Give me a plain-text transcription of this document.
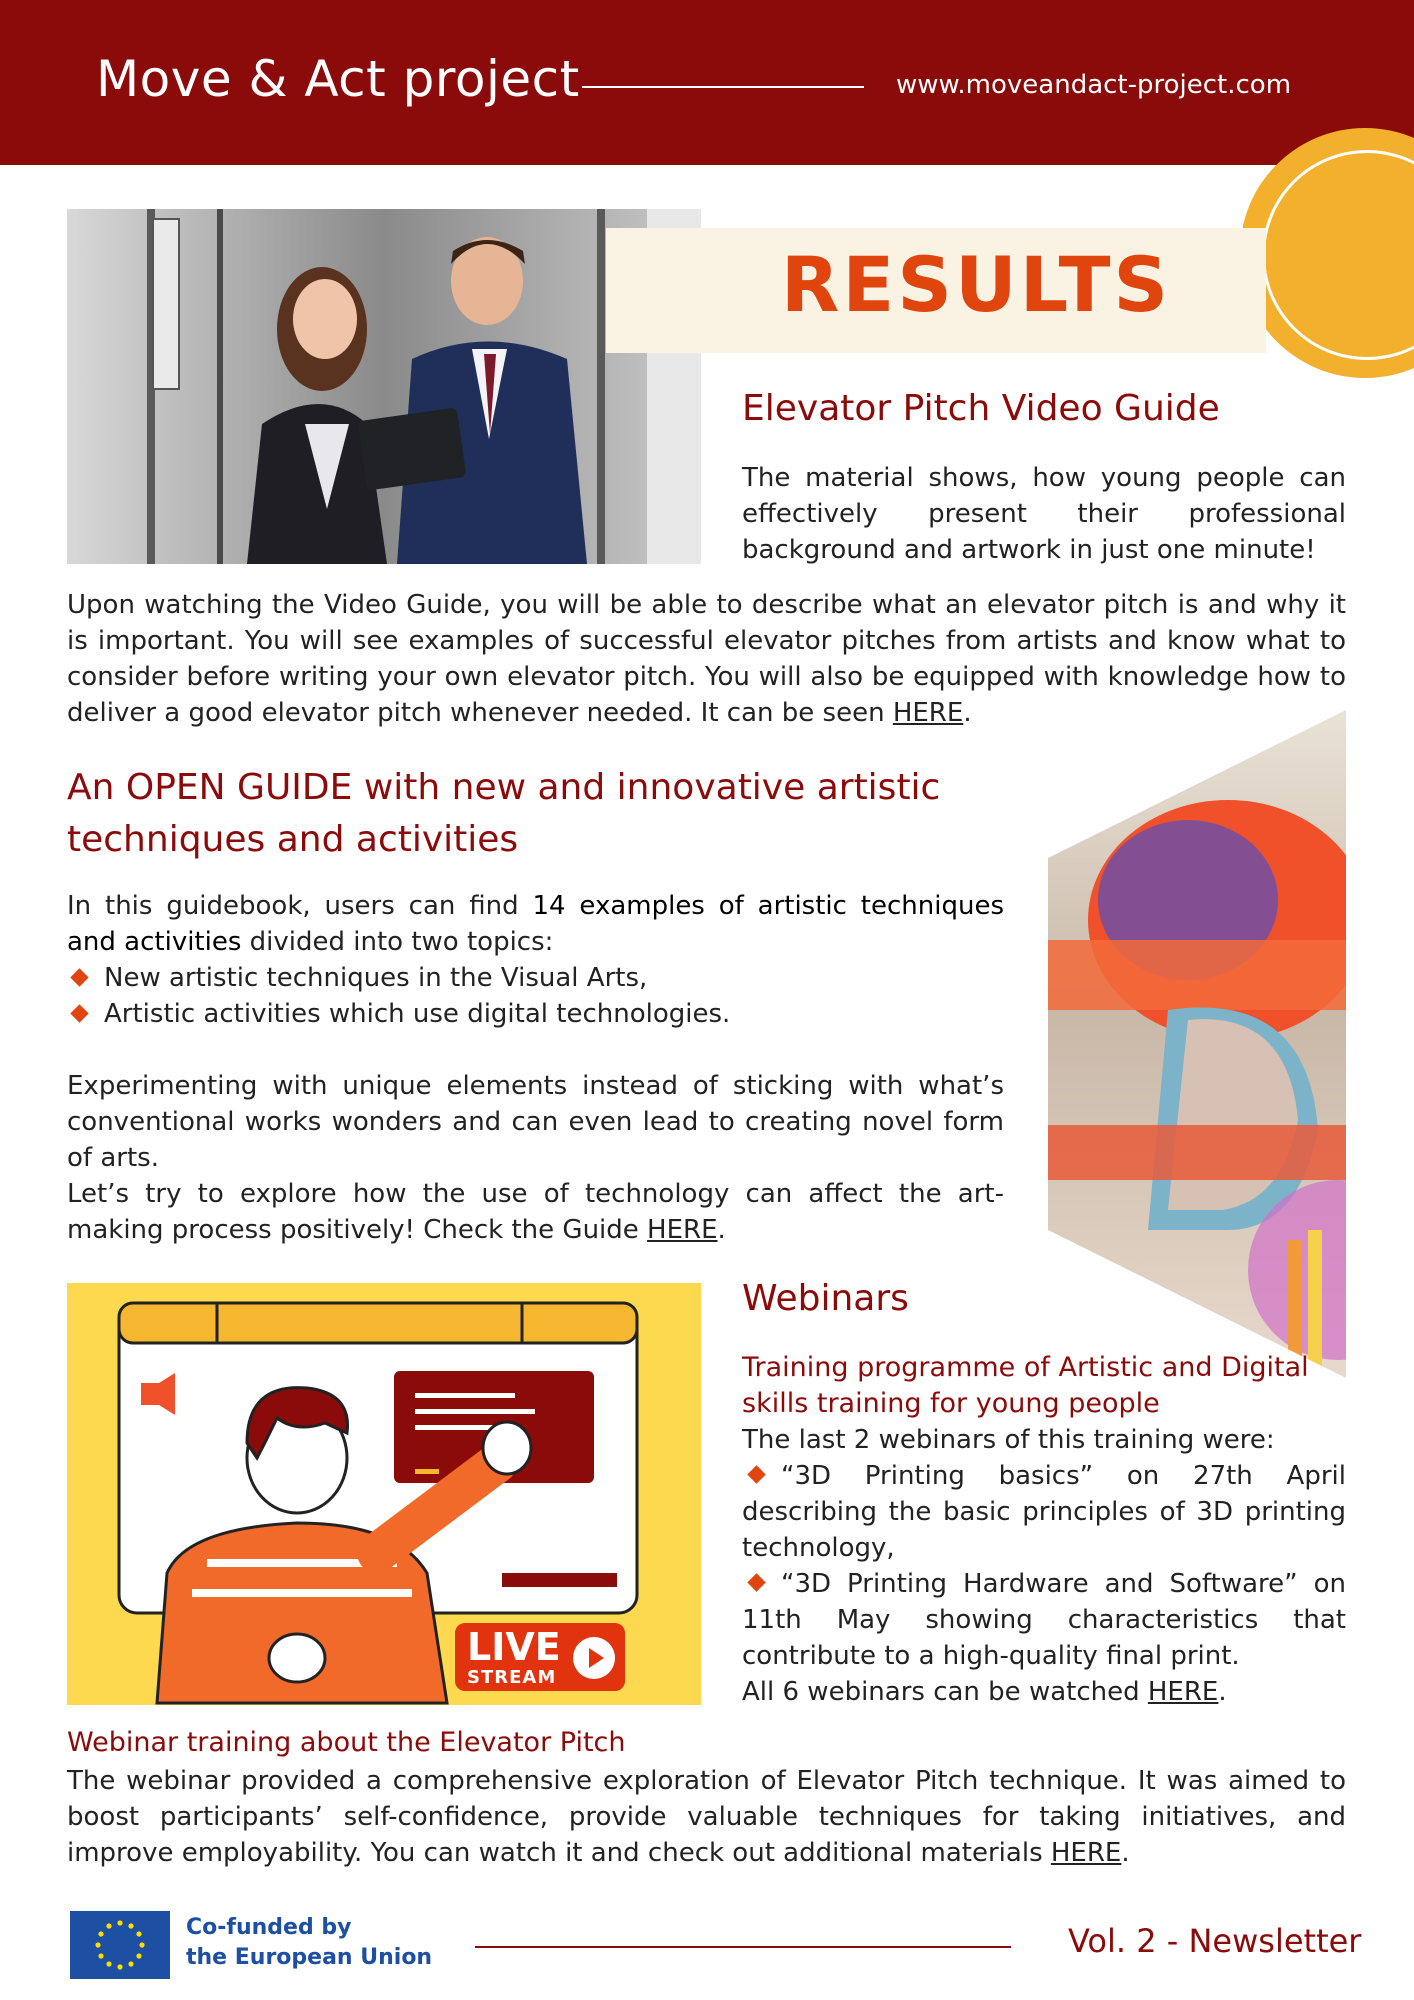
Move & Act project	www.moveandact-project.com
RESULTS
Elevator Pitch Video Guide
The material shows, how young people can effectively present their professional background and artwork in just one minute!
Upon watching the Video Guide, you will be able to describe what an elevator pitch is and why it is important. You will see examples of successful elevator pitches from artists and know what to consider before writing your own elevator pitch. You will also be equipped with knowledge how to deliver a good elevator pitch whenever needed. It can be seen HERE.
An OPEN GUIDE with new and innovative artistic techniques and activities
In this guidebook, users can find 14 examples of artistic techniques and activities divided into two topics:
New artistic techniques in the Visual Arts,
Artistic activities which use digital technologies.
Experimenting with unique elements instead of sticking with what’s conventional works wonders and can even lead to creating novel form of arts.
Let’s try to explore how the use of technology can affect the art-making process positively! Check the Guide HERE.
LIVE
STREAM
Webinars
Training programme of Artistic and Digital skills training for young people
The last 2 webinars of this training were:
“3D Printing basics” on 27th April describing the basic principles of 3D printing technology,
“3D Printing Hardware and Software” on 11th May showing characteristics that contribute to a high-quality final print.
All 6 webinars can be watched HERE.
Webinar training about the Elevator Pitch
The webinar provided a comprehensive exploration of Elevator Pitch technique. It was aimed to boost participants’ self-confidence, provide valuable techniques for taking initiatives, and improve employability. You can watch it and check out additional materials HERE.
Co-funded by
the European Union	Vol. 2 - Newsletter
